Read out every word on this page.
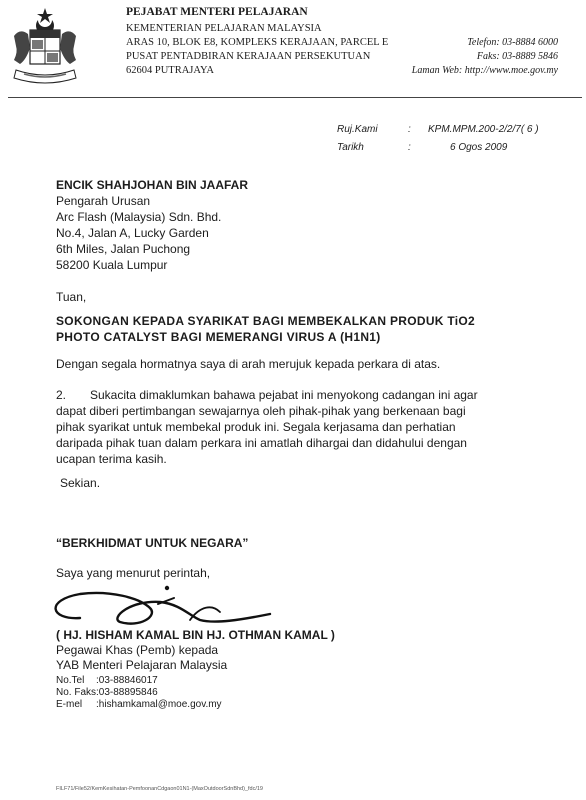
PEJABAT MENTERI PELAJARAN
KEMENTERIAN PELAJARAN MALAYSIA
ARAS 10, BLOK E8, KOMPLEKS KERAJAAN, PARCEL E
PUSAT PENTADBIRAN KERAJAAN PERSEKUTUAN
62604 PUTRAJAYA
Telefon: 03-8884 6000
Faks: 03-8889 5846
Laman Web: http://www.moe.gov.my
Ruj.Kami	: KPM.MPM.200-2/2/7( 6 )
Tarikh	:	6 Ogos 2009
ENCIK SHAHJOHAN BIN JAAFAR
Pengarah Urusan
Arc Flash (Malaysia) Sdn. Bhd.
No.4, Jalan A, Lucky Garden
6th Miles, Jalan Puchong
58200 Kuala Lumpur
Tuan,
SOKONGAN KEPADA SYARIKAT BAGI MEMBEKALKAN PRODUK TiO2
PHOTO CATALYST BAGI MEMERANGI VIRUS A (H1N1)
Dengan segala hormatnya saya di arah merujuk kepada perkara di atas.
2. Sukacita dimaklumkan bahawa pejabat ini menyokong cadangan ini agar
dapat diberi pertimbangan sewajarnya oleh pihak-pihak yang berkenaan bagi
pihak syarikat untuk membekal produk ini. Segala kerjasama dan perhatian
daripada pihak tuan dalam perkara ini amatlah dihargai dan didahului dengan
ucapan terima kasih.
Sekian.
“BERKHIDMAT UNTUK NEGARA”
Saya yang menurut perintah,
( HJ. HISHAM KAMAL BIN HJ. OTHMAN KAMAL )
Pegawai Khas (Pemb) kepada
YAB Menteri Pelajaran Malaysia
No.Tel :03-88846017
No. Faks :03-88895846
E-mel :hishamkamal@moe.gov.my
FILF71/File52/KemKesihatan-PemfoonanCdgaon01N1-(MaxOutdoorSdnBhd)_fdc/19
